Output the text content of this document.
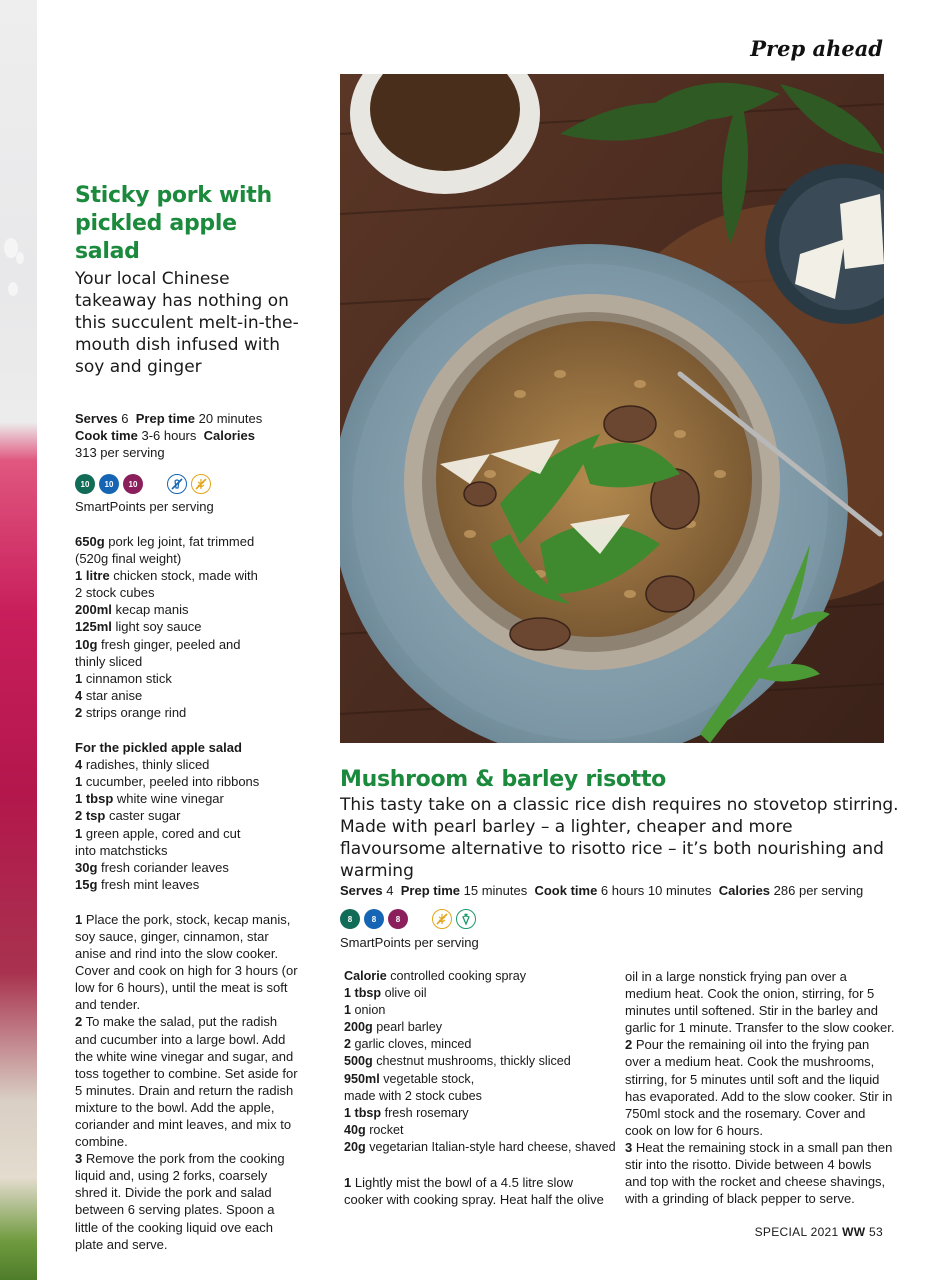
Prep ahead
Sticky pork with
pickled apple salad
Your local Chinese takeaway has nothing on this succulent melt-in-the-mouth dish infused with soy and ginger
Serves 6 Prep time 20 minutes
Cook time 3-6 hours Calories
313 per serving
10	10	10
SmartPoints per serving
650g pork leg joint, fat trimmed
(520g final weight)
1 litre chicken stock, made with
2 stock cubes
200ml kecap manis
125ml light soy sauce
10g fresh ginger, peeled and
thinly sliced
1 cinnamon stick
4 star anise
2 strips orange rind
For the pickled apple salad
4 radishes, thinly sliced
1 cucumber, peeled into ribbons
1 tbsp white wine vinegar
2 tsp caster sugar
1 green apple, cored and cut
into matchsticks
30g fresh coriander leaves
15g fresh mint leaves
1 Place the pork, stock, kecap manis, soy sauce, ginger, cinnamon, star anise and rind into the slow cooker. Cover and cook on high for 3 hours (or low for 6 hours), until the meat is soft and tender.
2 To make the salad, put the radish and cucumber into a large bowl. Add the white wine vinegar and sugar, and toss together to combine. Set aside for 5 minutes. Drain and return the radish mixture to the bowl. Add the apple, coriander and mint leaves, and mix to combine.
3 Remove the pork from the cooking liquid and, using 2 forks, coarsely shred it. Divide the pork and salad between 6 serving plates. Spoon a little of the cooking liquid ove each plate and serve.
Mushroom & barley risotto
This tasty take on a classic rice dish requires no stovetop stirring. Made with pearl barley – a lighter, cheaper and more flavoursome alternative to risotto rice – it’s both nourishing and warming
Serves 4 Prep time 15 minutes Cook time 6 hours 10 minutes Calories 286 per serving
8	8	8
SmartPoints per serving
Calorie controlled cooking spray
1 tbsp olive oil
1 onion
200g pearl barley
2 garlic cloves, minced
500g chestnut mushrooms, thickly sliced
950ml vegetable stock,
made with 2 stock cubes
1 tbsp fresh rosemary
40g rocket
20g vegetarian Italian-style hard cheese, shaved
1 Lightly mist the bowl of a 4.5 litre slow cooker with cooking spray. Heat half the olive
oil in a large nonstick frying pan over a medium heat. Cook the onion, stirring, for 5 minutes until softened. Stir in the barley and garlic for 1 minute. Transfer to the slow cooker.
2 Pour the remaining oil into the frying pan over a medium heat. Cook the mushrooms, stirring, for 5 minutes until soft and the liquid has evaporated. Add to the slow cooker. Stir in 750ml stock and the rosemary. Cover and cook on low for 6 hours.
3 Heat the remaining stock in a small pan then stir into the risotto. Divide between 4 bowls and top with the rocket and cheese shavings, with a grinding of black pepper to serve.
SPECIAL 2021 WW 53
